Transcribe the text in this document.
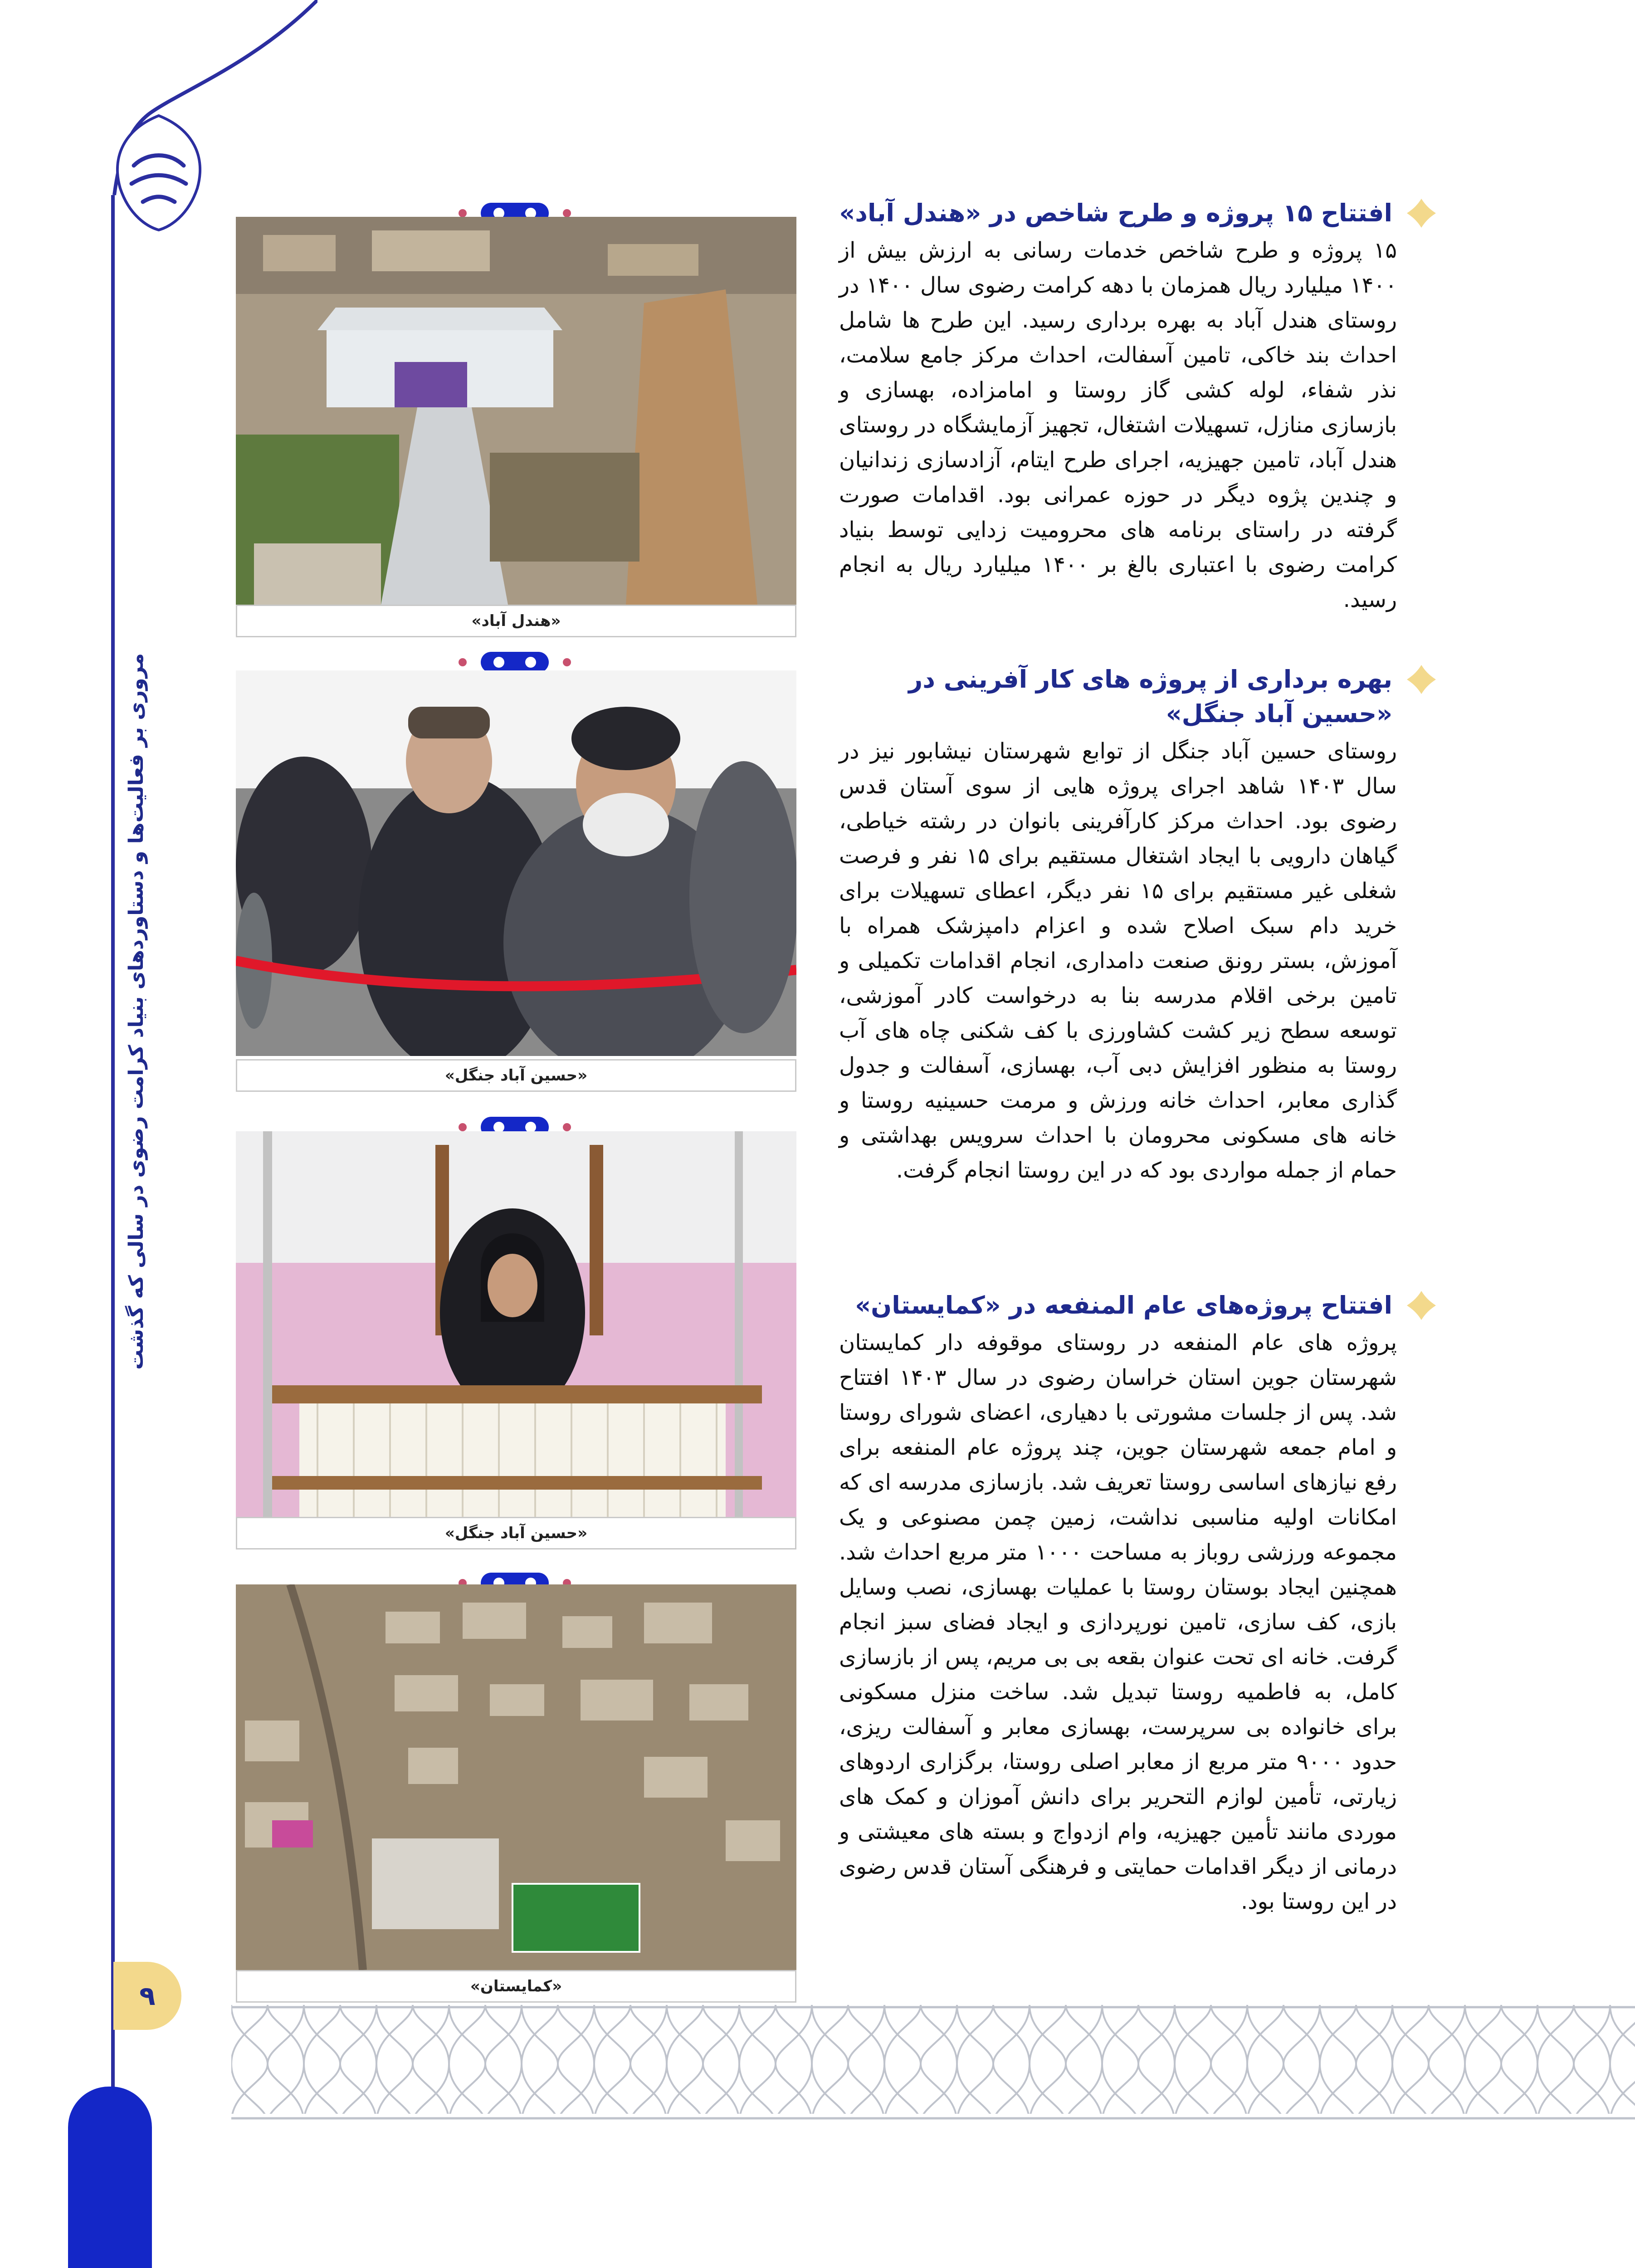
مروری بر فعالیت‌ها و دستاوردهای بنیاد کرامت رضوی در سالی که گذشت
۹
«هندل آباد»
«حسین آباد جنگل»
«حسین آباد جنگل»
«کمایستان»
افتتاح ۱۵ پروژه و طرح شاخص در «هندل آباد»
۱۵ پروژه و طرح شاخص خدمات رسانی به ارزش بیش از ۱۴۰۰ میلیارد ریال همزمان با دهه کرامت رضوی سال ۱۴۰۰ در روستای هندل آباد به بهره برداری رسید. این طرح ها شامل احداث بند خاکی، تامین آسفالت، احداث مرکز جامع سلامت، نذر شفاء، لوله کشی گاز روستا و امامزاده، بهسازی و بازسازی منازل، تسهیلات اشتغال، تجهیز آزمایشگاه در روستای هندل آباد، تامین جهیزیه، اجرای طرح ایتام، آزادسازی زندانیان و چندین پژوه دیگر در حوزه عمرانی بود. اقدامات صورت گرفته در راستای برنامه های محرومیت زدایی توسط بنیاد کرامت رضوی با اعتباری بالغ بر ۱۴۰۰ میلیارد ریال به انجام رسید.
بهره برداری از پروژه های کار آفرینی در «حسین آباد جنگل»
روستای حسین آباد جنگل از توابع شهرستان نیشابور نیز در سال ۱۴۰۳ شاهد اجرای پروژه هایی از سوی آستان قدس رضوی بود. احداث مرکز کارآفرینی بانوان در رشته خیاطی، گیاهان دارویی با ایجاد اشتغال مستقیم برای ۱۵ نفر و فرصت شغلی غیر مستقیم برای ۱۵ نفر دیگر، اعطای تسهیلات برای خرید دام سبک اصلاح شده و اعزام دامپزشک همراه با آموزش، بستر رونق صنعت دامداری، انجام اقدامات تکمیلی و تامین برخی اقلام مدرسه بنا به درخواست کادر آموزشی، توسعه سطح زیر کشت کشاورزی با کف شکنی چاه های آب روستا به منظور افزایش دبی آب، بهسازی، آسفالت و جدول گذاری معابر، احداث خانه ورزش و مرمت حسینیه روستا و خانه های مسکونی محرومان با احداث سرویس بهداشتی و حمام از جمله مواردی بود که در این روستا انجام گرفت.
افتتاح پروژه‌های عام المنفعه در «کمایستان»
پروژه های عام المنفعه در روستای موقوفه دار کمایستان شهرستان جوین استان خراسان رضوی در سال ۱۴۰۳ افتتاح شد. پس از جلسات مشورتی با دهیاری، اعضای شورای روستا و امام جمعه شهرستان جوین، چند پروژه عام المنفعه برای رفع نیازهای اساسی روستا تعریف شد. بازسازی مدرسه ای که امکانات اولیه مناسبی نداشت، زمین چمن مصنوعی و یک مجموعه ورزشی روباز به مساحت ۱۰۰۰ متر مربع احداث شد. همچنین ایجاد بوستان روستا با عملیات بهسازی، نصب وسایل بازی، کف سازی، تامین نورپردازی و ایجاد فضای سبز انجام گرفت. خانه ای تحت عنوان بقعه بی بی مریم، پس از بازسازی کامل، به فاطمیه روستا تبدیل شد. ساخت منزل مسکونی برای خانواده بی سرپرست، بهسازی معابر و آسفالت ریزی، حدود ۹۰۰۰ متر مربع از معابر اصلی روستا، برگزاری اردوهای زیارتی، تأمین لوازم التحریر برای دانش آموزان و کمک های موردی مانند تأمین جهیزیه، وام ازدواج و بسته های معیشتی و درمانی از دیگر اقدامات حمایتی و فرهنگی آستان قدس رضوی در این روستا بود.
